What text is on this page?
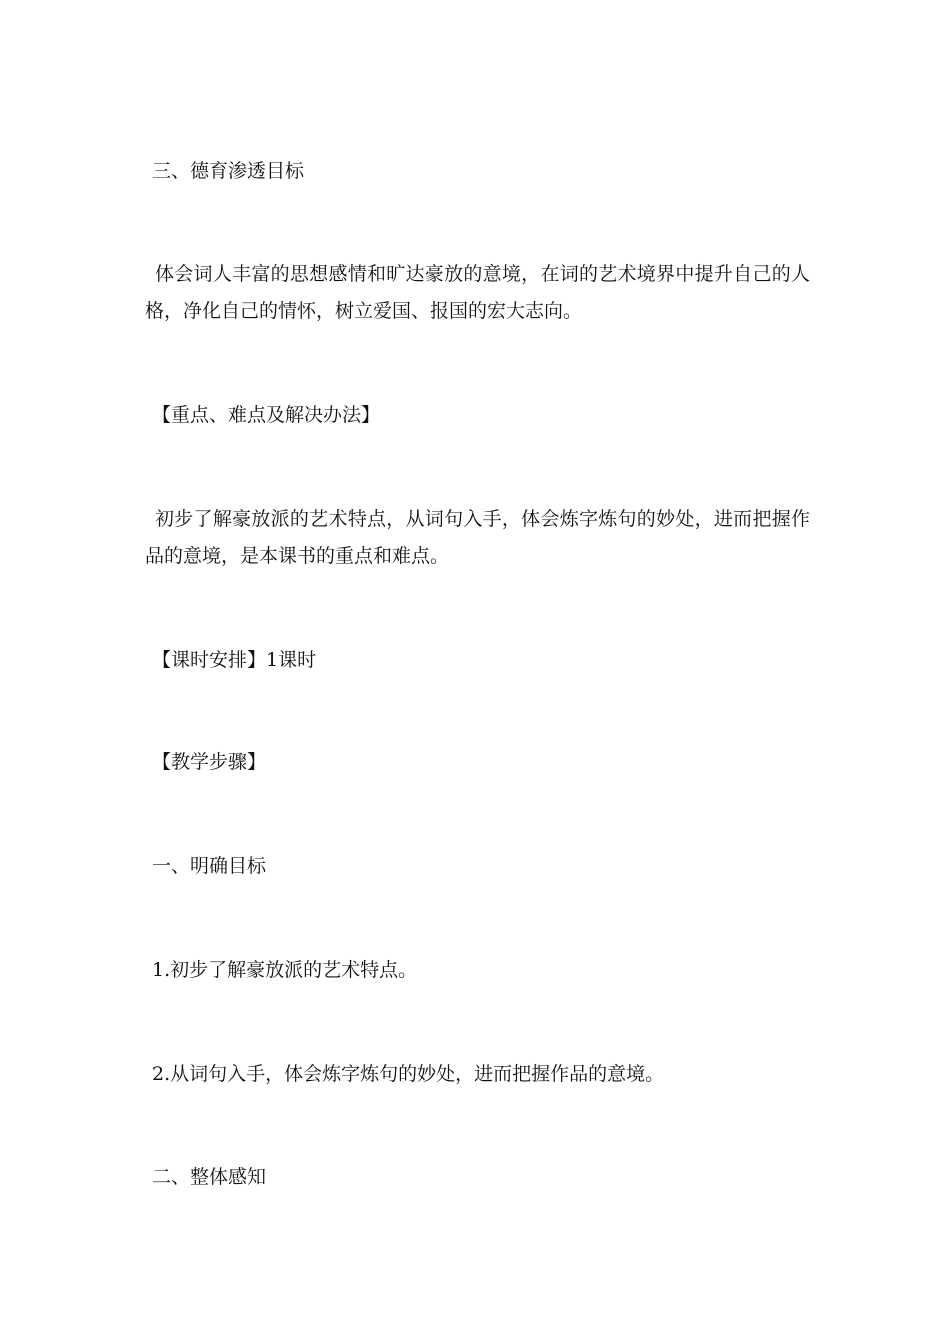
三、德育渗透目标
体会词人丰富的思想感情和旷达豪放的意境，在词的艺术境界中提升自己的人格，净化自己的情怀，树立爱国、报国的宏大志向。
【重点、难点及解决办法】
初步了解豪放派的艺术特点，从词句入手，体会炼字炼句的妙处，进而把握作品的意境，是本课书的重点和难点。
【课时安排】1课时
【教学步骤】
一、明确目标
1.初步了解豪放派的艺术特点。
2.从词句入手，体会炼字炼句的妙处，进而把握作品的意境。
二、整体感知
